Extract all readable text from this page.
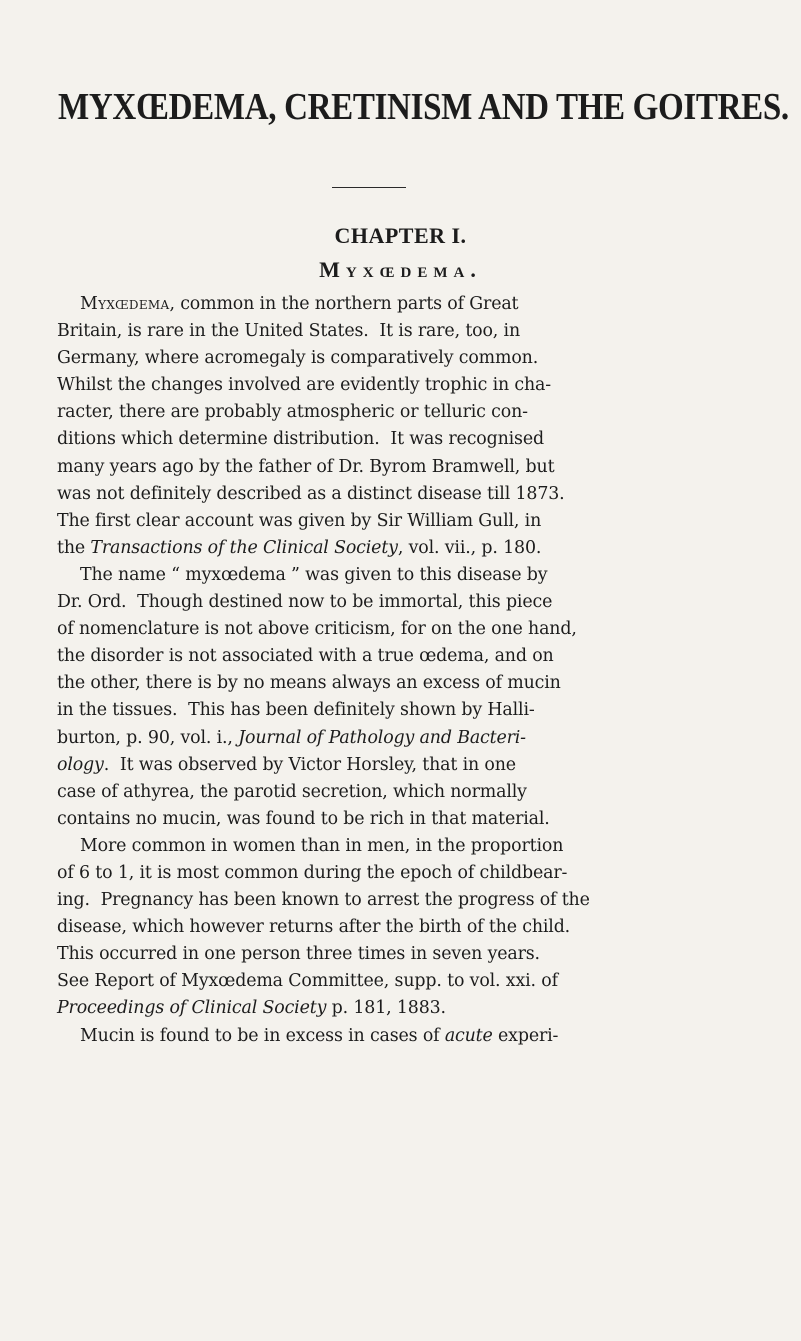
MYXŒDEMA, CRETINISM AND THE GOITRES.
CHAPTER I.
Myxœdema.
Myxœdema, common in the northern parts of Great
Britain, is rare in the United States.  It is rare, too, in
Germany, where acromegaly is comparatively common.
Whilst the changes involved are evidently trophic in cha-
racter, there are probably atmospheric or telluric con-
ditions which determine distribution.  It was recognised
many years ago by the father of Dr. Byrom Bramwell, but
was not definitely described as a distinct disease till 1873.
The first clear account was given by Sir William Gull, in
the Transactions of the Clinical Society, vol. vii., p. 180.
The name “ myxœdema ” was given to this disease by
Dr. Ord.  Though destined now to be immortal, this piece
of nomenclature is not above criticism, for on the one hand,
the disorder is not associated with a true œdema, and on
the other, there is by no means always an excess of mucin
in the tissues.  This has been definitely shown by Halli-
burton, p. 90, vol. i., Journal of Pathology and Bacteri-
ology.  It was observed by Victor Horsley, that in one
case of athyrea, the parotid secretion, which normally
contains no mucin, was found to be rich in that material.
More common in women than in men, in the proportion
of 6 to 1, it is most common during the epoch of childbear-
ing.  Pregnancy has been known to arrest the progress of the
disease, which however returns after the birth of the child.
This occurred in one person three times in seven years.
See Report of Myxœdema Committee, supp. to vol. xxi. of
Proceedings of Clinical Society p. 181, 1883.
Mucin is found to be in excess in cases of acute experi-
